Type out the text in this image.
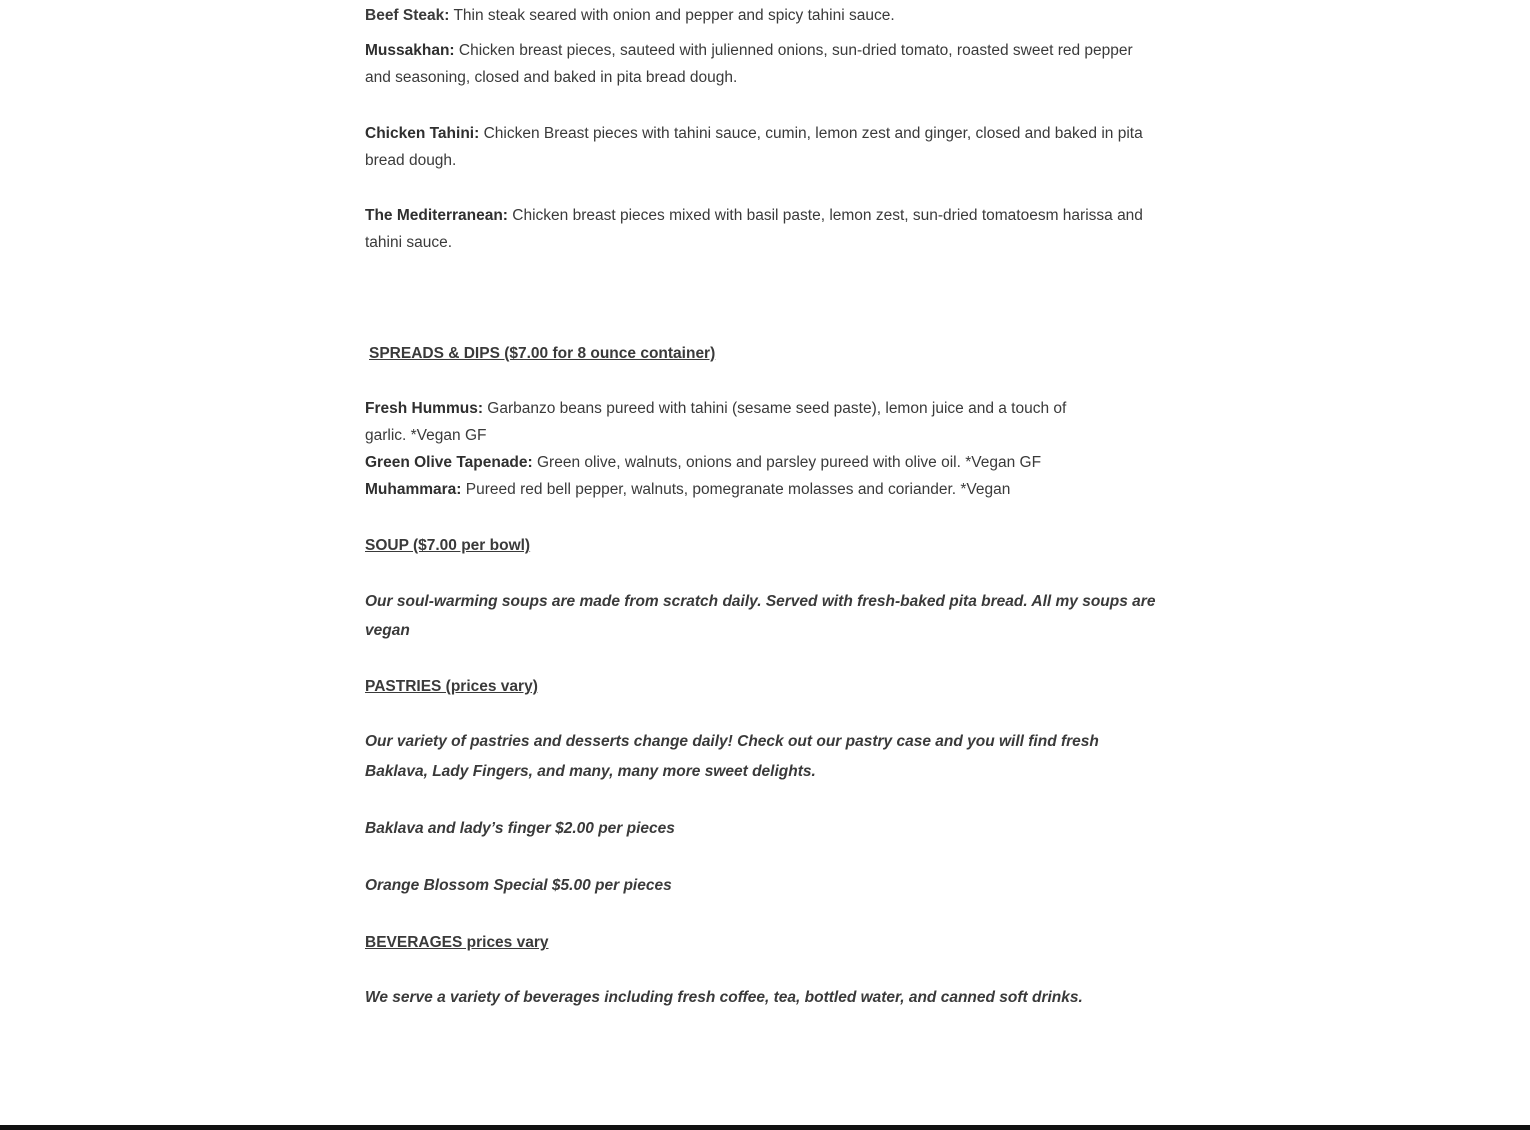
Beef Steak: Thin steak seared with onion and pepper and spicy tahini sauce.

Mussakhan: Chicken breast pieces, sauteed with julienned onions, sun-dried tomato, roasted sweet red pepper and seasoning, closed and baked in pita bread dough.

Chicken Tahini: Chicken Breast pieces with tahini sauce, cumin, lemon zest and ginger, closed and baked in pita bread dough.

The Mediterranean: Chicken breast pieces mixed with basil paste, lemon zest, sun-dried tomatoesm harissa and tahini sauce.

SPREADS & DIPS ($7.00 for 8 ounce container)

Fresh Hummus: Garbanzo beans pureed with tahini (sesame seed paste), lemon juice and a touch of
garlic. *Vegan GF

Green Olive Tapenade: Green olive, walnuts, onions and parsley pureed with olive oil. *Vegan GF

Muhammara: Pureed red bell pepper, walnuts, pomegranate molasses and coriander. *Vegan

SOUP ($7.00 per bowl)

Our soul-warming soups are made from scratch daily. Served with fresh-baked pita bread. All my soups are vegan

PASTRIES (prices vary)

Our variety of pastries and desserts change daily! Check out our pastry case and you will find fresh Baklava, Lady Fingers, and many, many more sweet delights.

Baklava and lady’s finger $2.00 per pieces

Orange Blossom Special $5.00 per pieces

BEVERAGES prices vary

We serve a variety of beverages including fresh coffee, tea, bottled water, and canned soft drinks.
